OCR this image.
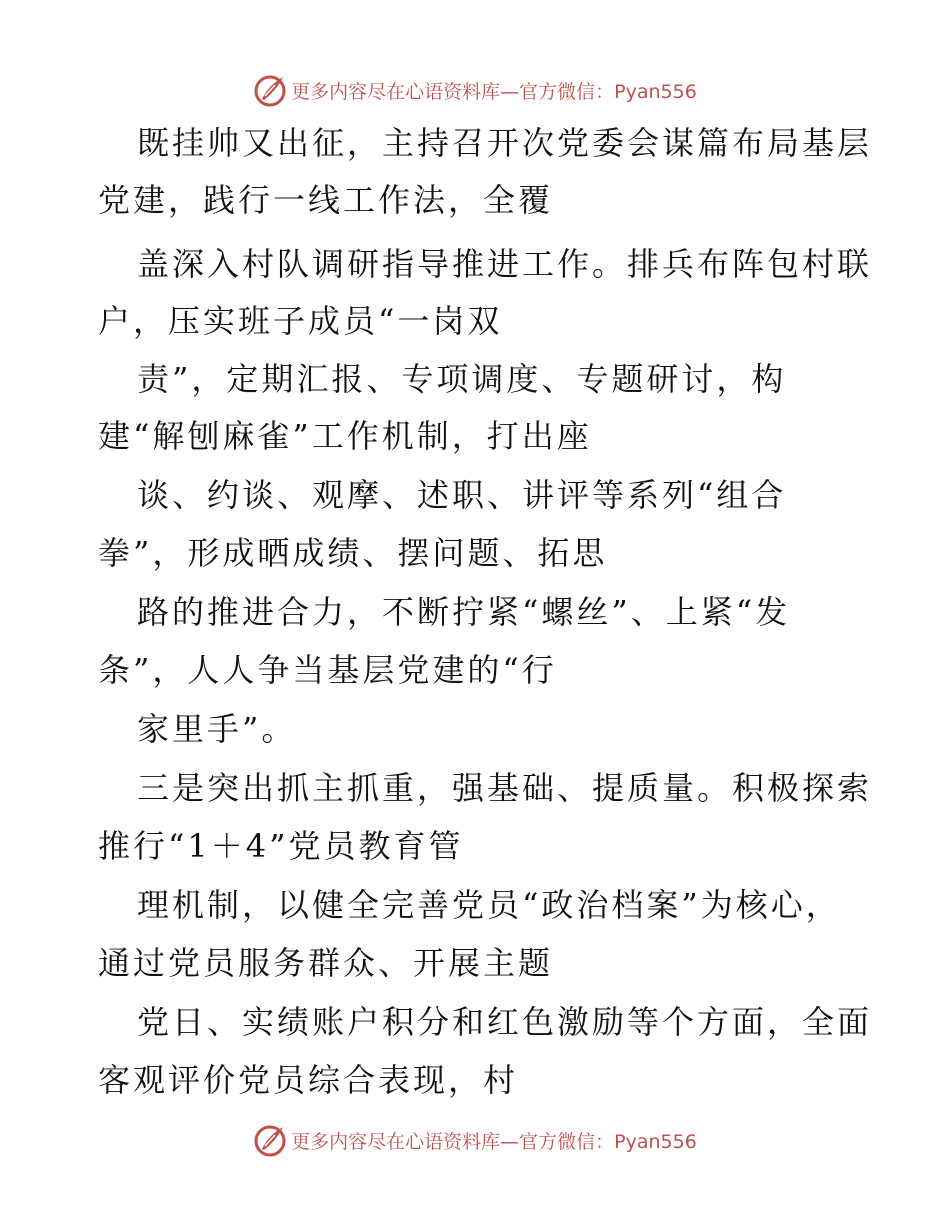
更多内容尽在心语资料库—官方微信：Pyan556
既挂帅又出征，主持召开次党委会谋篇布局基层
党建，践行一线工作法，全覆
盖深入村队调研指导推进工作。排兵布阵包村联
户，压实班子成员“一岗双
责”，定期汇报、专项调度、专题研讨，构
建“解刨麻雀”工作机制，打出座
谈、约谈、观摩、述职、讲评等系列“组合
拳”，形成晒成绩、摆问题、拓思
路的推进合力，不断拧紧“螺丝”、上紧“发
条”，人人争当基层党建的“行
家里手”。
三是突出抓主抓重，强基础、提质量。积极探索
推行“1＋4”党员教育管
理机制，以健全完善党员“政治档案”为核心，
通过党员服务群众、开展主题
党日、实绩账户积分和红色激励等个方面，全面
客观评价党员综合表现，村
更多内容尽在心语资料库—官方微信：Pyan556
